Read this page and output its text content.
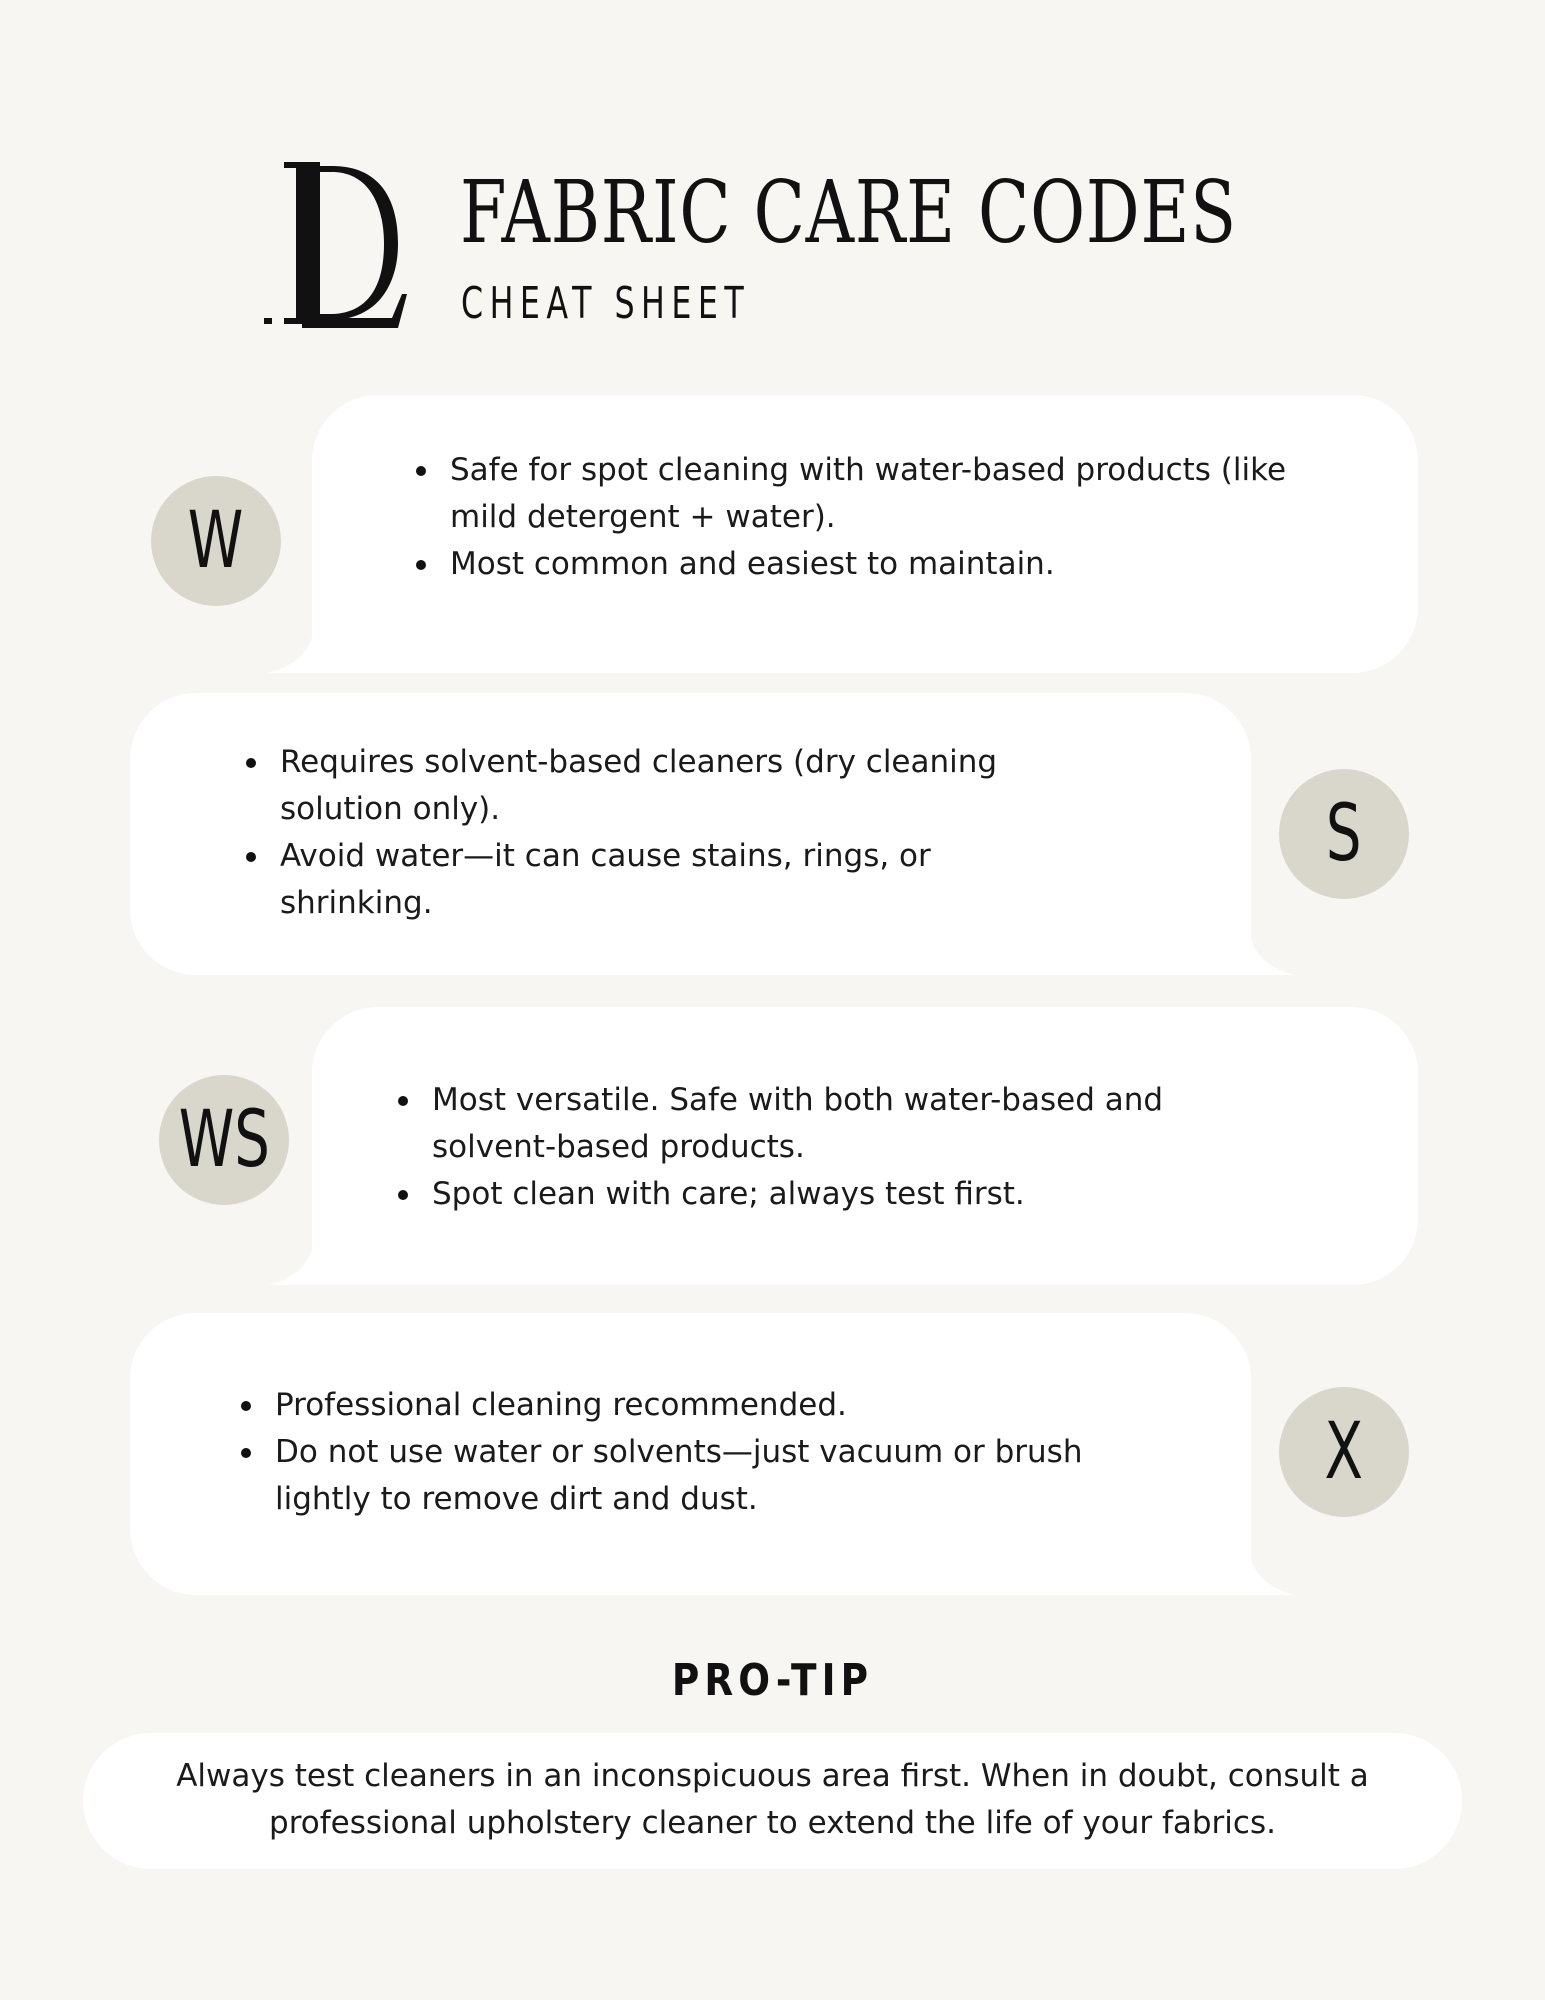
FABRIC CARE CODES
CHEAT SHEET
W
Safe for spot cleaning with water-based products (like mild detergent + water).
Most common and easiest to maintain.
Requires solvent-based cleaners (dry cleaning solution only).
Avoid water—it can cause stains, rings, or shrinking.
S
WS	Most versatile. Safe with both water-based and solvent-based products.
Spot clean with care; always test first.
Professional cleaning recommended.
Do not use water or solvents—just vacuum or brush lightly to remove dirt and dust.
X
PRO-TIP
Always test cleaners in an inconspicuous area first. When in doubt, consult a professional upholstery cleaner to extend the life of your fabrics.
